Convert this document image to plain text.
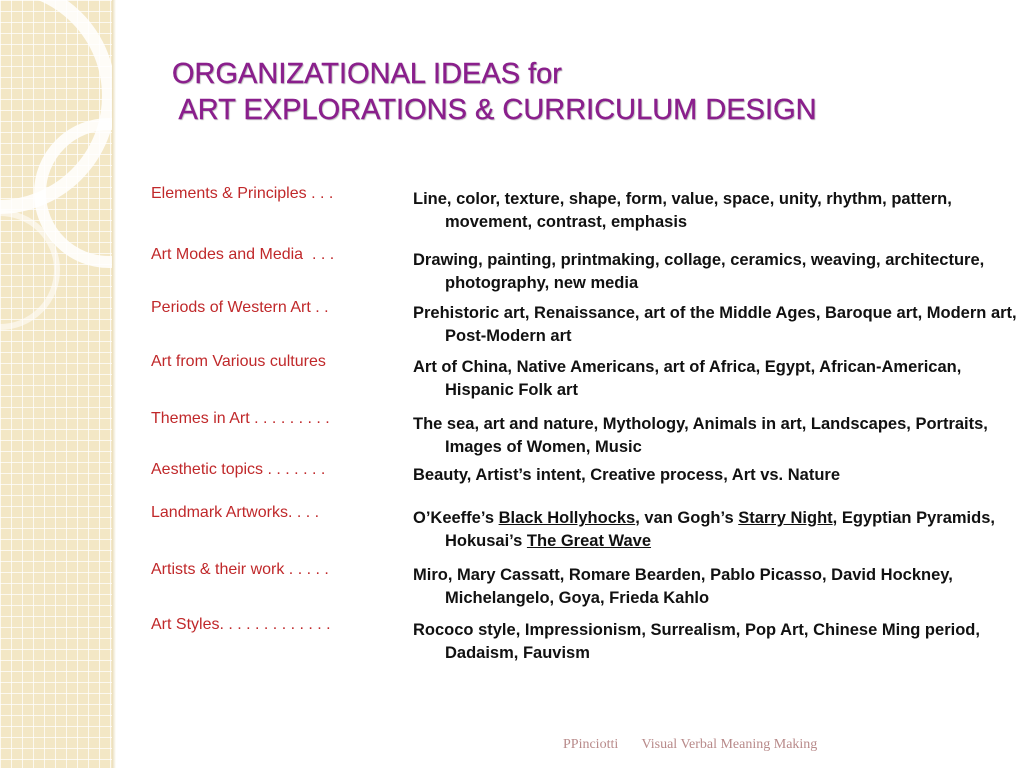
ORGANIZATIONAL IDEAS for
ART EXPLORATIONS & CURRICULUM DESIGN
Elements & Principles . . .	Line, color, texture, shape, form, value, space, unity, rhythm, pattern, movement, contrast, emphasis
Art Modes and Media  . . .	Drawing, painting, printmaking, collage, ceramics, weaving, architecture, photography, new media
Periods of Western Art . .	Prehistoric art, Renaissance, art of the Middle Ages, Baroque art, Modern art, Post-Modern art
Art from Various cultures	Art of China, Native Americans, art of Africa, Egypt, African-American, Hispanic Folk art
Themes in Art . . . . . . . . .	The sea, art and nature, Mythology, Animals in art, Landscapes, Portraits, Images of Women, Music
Aesthetic topics . . . . . . .	Beauty, Artist’s intent, Creative process, Art vs. Nature
Landmark Artworks. . . .	O’Keeffe’s Black Hollyhocks, van Gogh’s Starry Night, Egyptian Pyramids, Hokusai’s The Great Wave
Artists & their work . . . . .	Miro, Mary Cassatt, Romare Bearden, Pablo Picasso, David Hockney, Michelangelo, Goya, Frieda Kahlo
Art Styles. . . . . . . . . . . . .	Rococo style, Impressionism, Surrealism, Pop Art, Chinese Ming period, Dadaism, Fauvism
PPinciotti Visual Verbal Meaning Making
